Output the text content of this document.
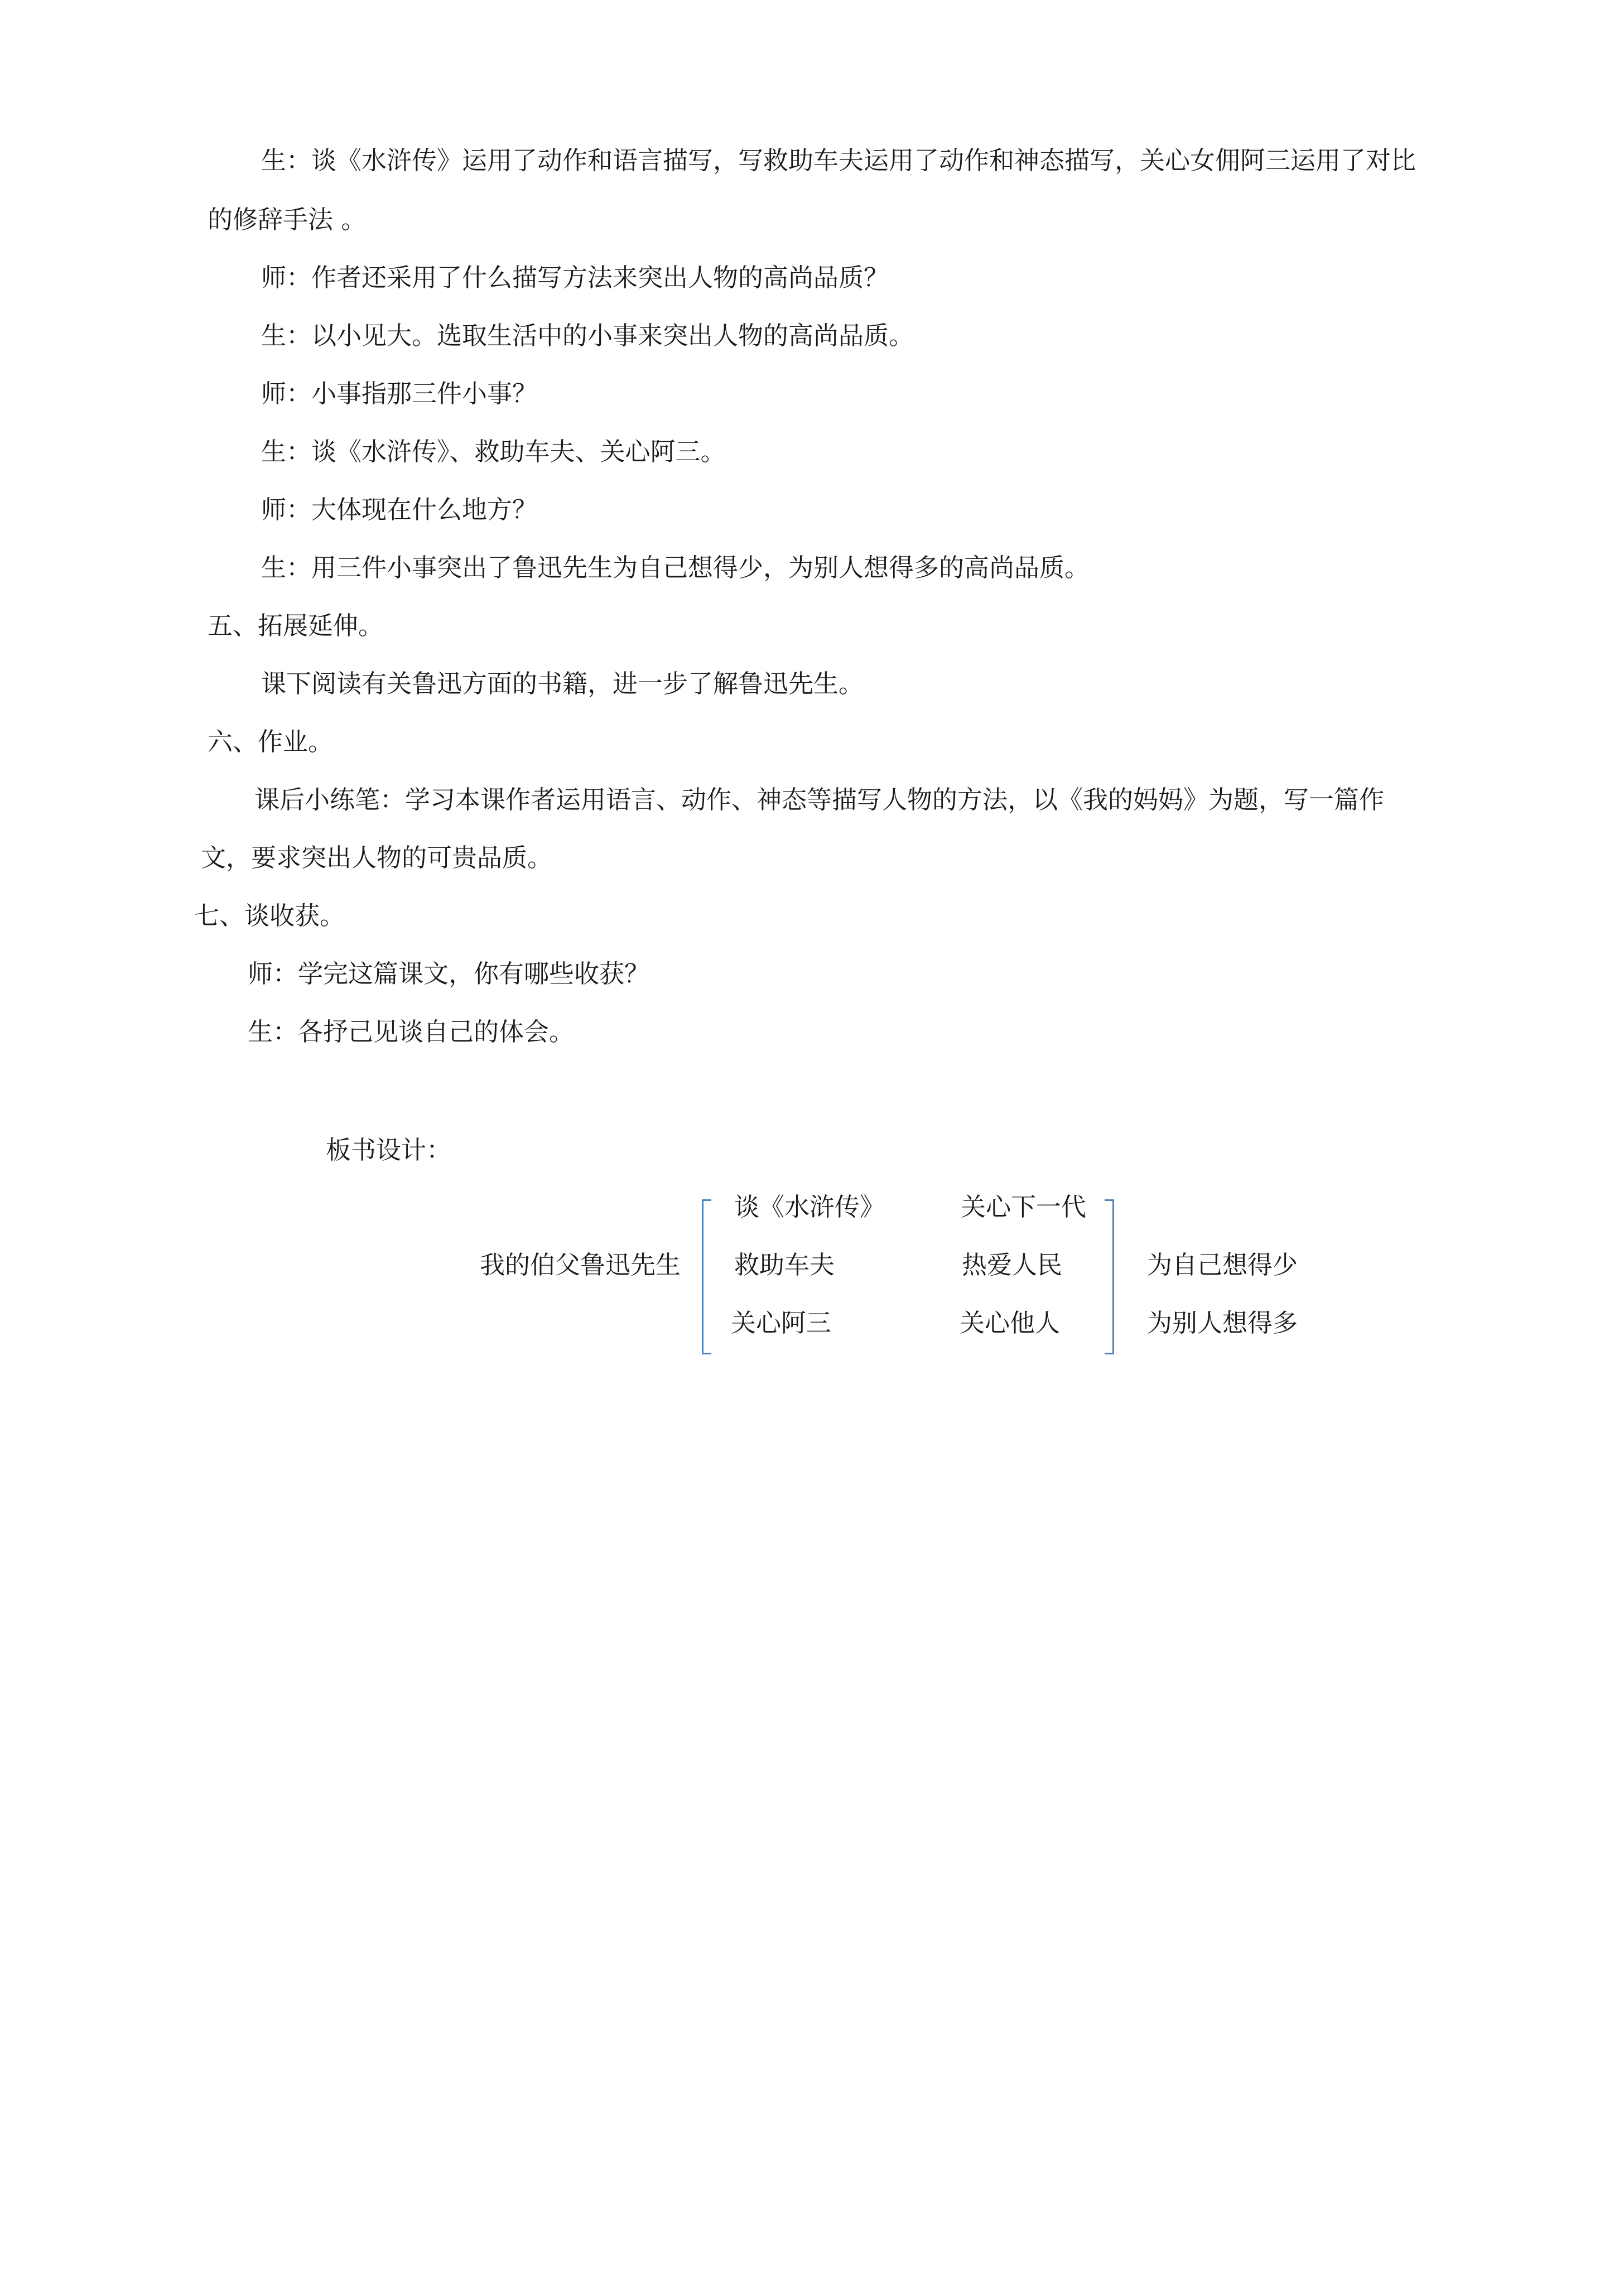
生：谈《水浒传》运用了动作和语言描写，写救助车夫运用了动作和神态描写，关心女佣阿三运用了对比
的修辞手法 。
师：作者还采用了什么描写方法来突出人物的高尚品质？
生：以小见大。选取生活中的小事来突出人物的高尚品质。
师：小事指那三件小事？
生：谈《水浒传》、救助车夫、关心阿三。
师：大体现在什么地方？
生：用三件小事突出了鲁迅先生为自己想得少，为别人想得多的高尚品质。
五、拓展延伸。
课下阅读有关鲁迅方面的书籍，进一步了解鲁迅先生。
六、作业。
课后小练笔：学习本课作者运用语言、动作、神态等描写人物的方法，以《我的妈妈》为题，写一篇作
文，要求突出人物的可贵品质。
七、谈收获。
师：学完这篇课文，你有哪些收获？
生：各抒己见谈自己的体会。
板书设计：
我的伯父鲁迅先生
谈《水浒传》
救助车夫
关心阿三
关心下一代
热爱人民
关心他人
为自己想得少
为别人想得多
